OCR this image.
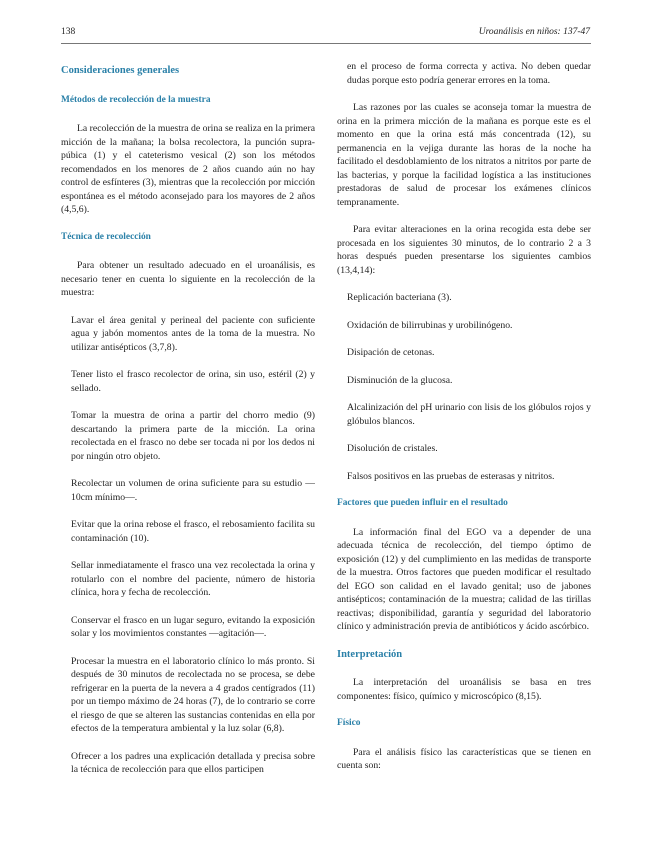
138	Uroanálisis en niños: 137-47
Consideraciones generales
Métodos de recolección de la muestra

La recolección de la muestra de orina se realiza en la primera micción de la mañana; la bolsa recolectora, la punción supra-púbica (1) y el cateterismo vesical (2) son los métodos recomendados en los menores de 2 años cuando aún no hay control de esfínteres (3), mientras que la recolección por micción espontánea es el método aconsejado para los mayores de 2 años (4,5,6).

Técnica de recolección

Para obtener un resultado adecuado en el uroanálisis, es necesario tener en cuenta lo siguiente en la recolección de la muestra:

Lavar el área genital y perineal del paciente con suficiente agua y jabón momentos antes de la toma de la muestra. No utilizar antisépticos (3,7,8).

Tener listo el frasco recolector de orina, sin uso, estéril (2) y sellado.

Tomar la muestra de orina a partir del chorro medio (9) descartando la primera parte de la micción. La orina recolectada en el frasco no debe ser tocada ni por los dedos ni por ningún otro objeto.

Recolectar un volumen de orina suficiente para su estudio —10cm mínimo—.

Evitar que la orina rebose el frasco, el rebosamiento facilita su contaminación (10).

Sellar inmediatamente el frasco una vez recolectada la orina y rotularlo con el nombre del paciente, número de historia clínica, hora y fecha de recolección.

Conservar el frasco en un lugar seguro, evitando la exposición solar y los movimientos constantes —agitación—.

Procesar la muestra en el laboratorio clínico lo más pronto. Si después de 30 minutos de recolectada no se procesa, se debe refrigerar en la puerta de la nevera a 4 grados centígrados (11) por un tiempo máximo de 24 horas (7), de lo contrario se corre el riesgo de que se alteren las sustancias contenidas en ella por efectos de la temperatura ambiental y la luz solar (6,8).

Ofrecer a los padres una explicación detallada y precisa sobre la técnica de recolección para que ellos participen

en el proceso de forma correcta y activa. No deben quedar dudas porque esto podría generar errores en la toma.

Las razones por las cuales se aconseja tomar la muestra de orina en la primera micción de la mañana es porque este es el momento en que la orina está más concentrada (12), su permanencia en la vejiga durante las horas de la noche ha facilitado el desdoblamiento de los nitratos a nitritos por parte de las bacterias, y porque la facilidad logística a las instituciones prestadoras de salud de procesar los exámenes clínicos tempranamente.

Para evitar alteraciones en la orina recogida esta debe ser procesada en los siguientes 30 minutos, de lo contrario 2 a 3 horas después pueden presentarse los siguientes cambios (13,4,14):

Replicación bacteriana (3).

Oxidación de bilirrubinas y urobilinógeno.

Disipación de cetonas.

Disminución de la glucosa.

Alcalinización del pH urinario con lisis de los glóbulos rojos y glóbulos blancos.

Disolución de cristales.

Falsos positivos en las pruebas de esterasas y nitritos.

Factores que pueden influir en el resultado

La información final del EGO va a depender de una adecuada técnica de recolección, del tiempo óptimo de exposición (12) y del cumplimiento en las medidas de transporte de la muestra. Otros factores que pueden modificar el resultado del EGO son calidad en el lavado genital; uso de jabones antisépticos; contaminación de la muestra; calidad de las tirillas reactivas; disponibilidad, garantía y seguridad del laboratorio clínico y administración previa de antibióticos y ácido ascórbico.

Interpretación

La interpretación del uroanálisis se basa en tres componentes: físico, químico y microscópico (8,15).

Físico

Para el análisis físico las características que se tienen en cuenta son:
